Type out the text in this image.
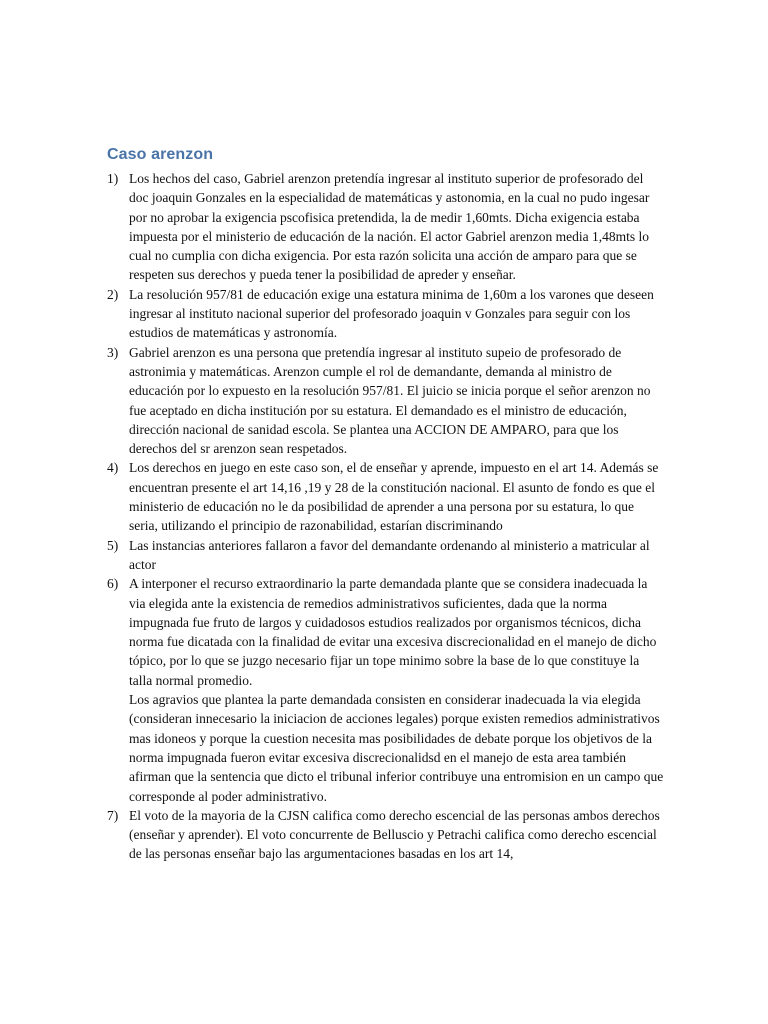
Caso arenzon
1) Los hechos del caso, Gabriel arenzon pretendía ingresar al instituto superior de profesorado del doc joaquin Gonzales en la especialidad de matemáticas y astonomia, en la cual no pudo ingesar por no aprobar la exigencia pscofisica pretendida, la de medir 1,60mts. Dicha exigencia estaba impuesta por el ministerio de educación de la nación. El actor Gabriel arenzon media 1,48mts lo cual no cumplia con dicha exigencia. Por esta razón solicita una acción de amparo para que se respeten sus derechos y pueda tener la posibilidad de apreder y enseñar.
2) La resolución 957/81 de educación exige una estatura minima de 1,60m a los varones que deseen ingresar al instituto nacional superior del profesorado joaquin v Gonzales para seguir con los estudios de matemáticas y astronomía.
3) Gabriel arenzon es una persona que pretendía ingresar al instituto supeio de profesorado de astronimia y matemáticas. Arenzon cumple el rol de demandante, demanda al ministro de educación por lo expuesto en la resolución 957/81. El juicio se inicia porque el señor arenzon no fue aceptado en dicha institución por su estatura. El demandado es el ministro de educación, dirección nacional de sanidad escola. Se plantea una ACCION DE AMPARO, para que los derechos del sr arenzon sean respetados.
4) Los derechos en juego en este caso son, el de enseñar y aprende, impuesto en el art 14. Además se encuentran presente el art 14,16 ,19 y 28 de la constitución nacional. El asunto de fondo es que el ministerio de educación no le da posibilidad de aprender a una persona por su estatura, lo que seria, utilizando el principio de razonabilidad, estarían discriminando
5) Las instancias anteriores fallaron a favor del demandante ordenando al ministerio a matricular al actor
6) A interponer el recurso extraordinario la parte demandada plante que se considera inadecuada la via elegida ante la existencia de remedios administrativos suficientes, dada que la norma impugnada fue fruto de largos y cuidadosos estudios realizados por organismos técnicos, dicha norma fue dicatada con la finalidad de evitar una excesiva discrecionalidad en el manejo de dicho tópico, por lo que se juzgo necesario fijar un tope minimo sobre la base de lo que constituye la talla normal promedio.
Los agravios que plantea la parte demandada consisten en considerar inadecuada la via elegida (consideran innecesario la iniciacion de acciones legales) porque existen remedios administrativos mas idoneos y porque la cuestion necesita mas posibilidades de debate porque los objetivos de la norma impugnada fueron evitar excesiva discrecionalidsd en el manejo de esta area también afirman que la sentencia que dicto el tribunal inferior contribuye una entromision en un campo que corresponde al poder administrativo.
7) El voto de la mayoria de la CJSN califica como derecho escencial de las personas ambos derechos (enseñar y aprender). El voto concurrente de Belluscio y Petrachi califica como derecho escencial de las personas enseñar bajo las argumentaciones basadas en los art 14,
